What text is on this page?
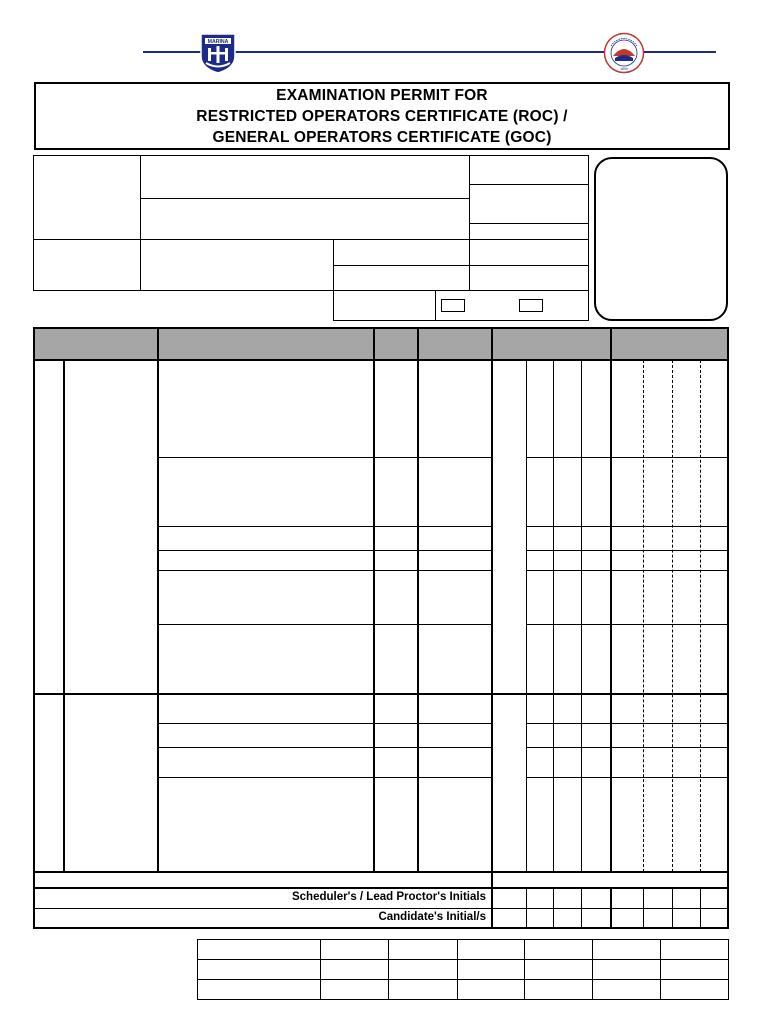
MARINA
1899
EXAMINATION PERMIT FOR
RESTRICTED OPERATORS CERTIFICATE (ROC) /
GENERAL OPERATORS CERTIFICATE (GOC)
Scheduler's / Lead Proctor's Initials
Candidate's Initial/s
